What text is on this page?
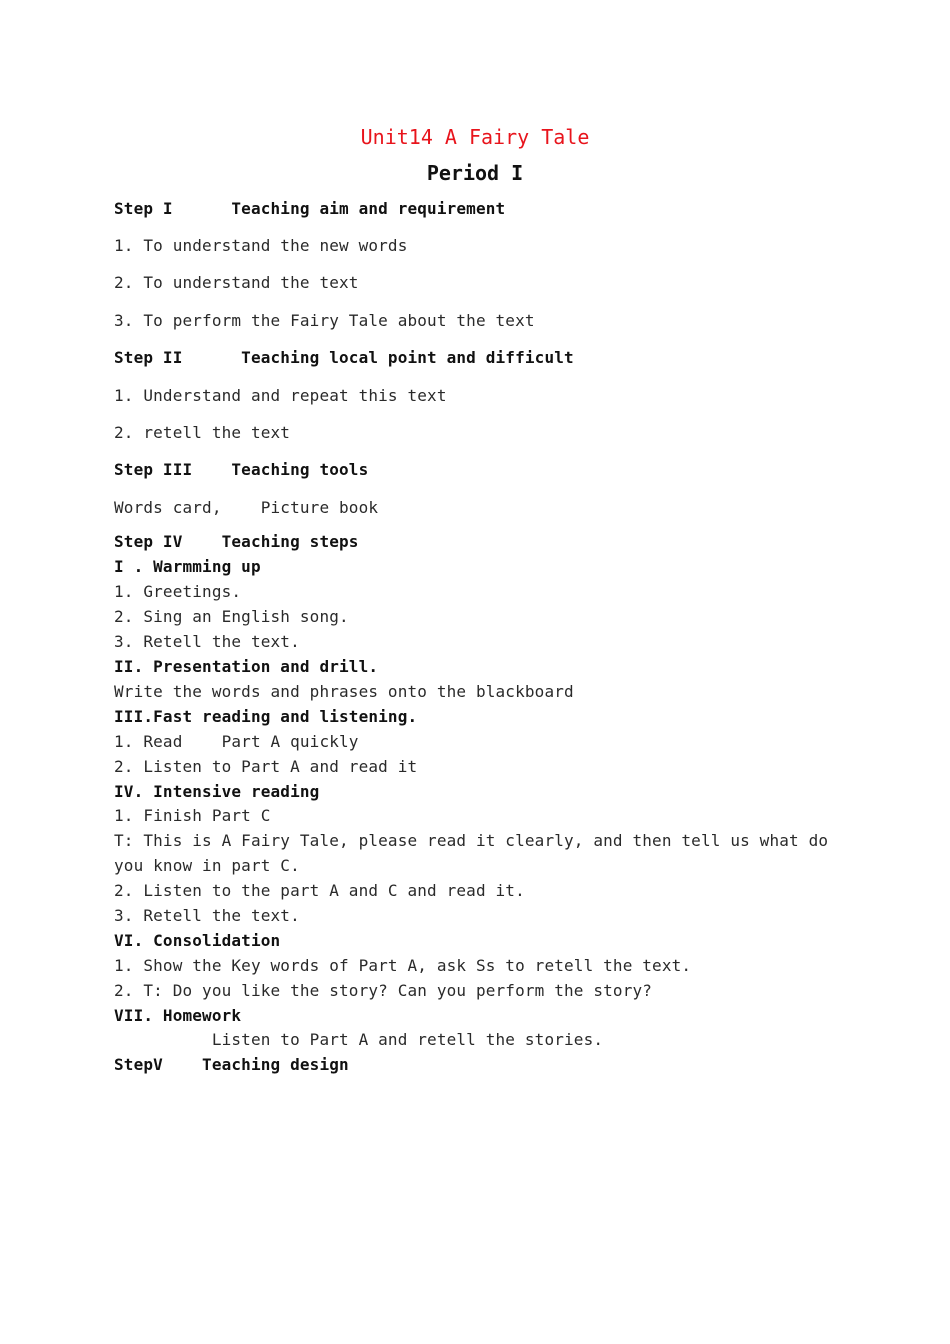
Unit14 A Fairy Tale
Period I
Step I      Teaching aim and requirement
1. To understand the new words
2. To understand the text
3. To perform the Fairy Tale about the text
Step II      Teaching local point and difficult
1. Understand and repeat this text
2. retell the text
Step III    Teaching tools
Words card,    Picture book
Step IV    Teaching steps
I . Warmming up
1. Greetings.
2. Sing an English song.
3. Retell the text.
II. Presentation and drill.
Write the words and phrases onto the blackboard
III.Fast reading and listening.
1. Read    Part A quickly
2. Listen to Part A and read it
IV. Intensive reading
1. Finish Part C
T: This is A Fairy Tale, please read it clearly, and then tell us what do
you know in part C.
2. Listen to the part A and C and read it.
3. Retell the text.
VI. Consolidation
1. Show the Key words of Part A, ask Ss to retell the text.
2. T: Do you like the story? Can you perform the story?
VII. Homework
Listen to Part A and retell the stories.
StepV    Teaching design
